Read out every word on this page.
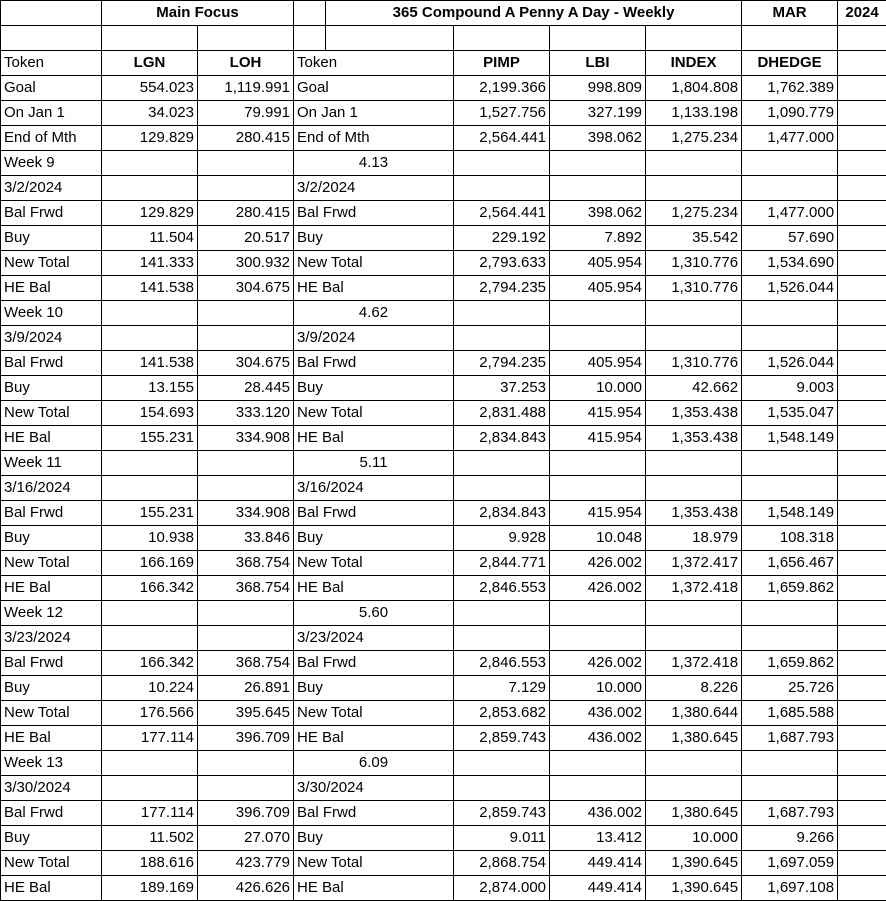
	Main Focus			365 Compound A Penny A Day - Weekly				MAR	2024

Token	LGN	LOH	Token		PIMP	LBI	INDEX	DHEDGE	
Goal	554.023	1,119.991	Goal		2,199.366	998.809	1,804.808	1,762.389	
On Jan 1	34.023	79.991	On Jan 1		1,527.756	327.199	1,133.198	1,090.779	
End of Mth	129.829	280.415	End of Mth		2,564.441	398.062	1,275.234	1,477.000	
Week 9			4.13						
3/2/2024			3/2/2024						
Bal Frwd	129.829	280.415	Bal Frwd		2,564.441	398.062	1,275.234	1,477.000	
Buy	11.504	20.517	Buy		229.192	7.892	35.542	57.690	
New Total	141.333	300.932	New Total		2,793.633	405.954	1,310.776	1,534.690	
HE Bal	141.538	304.675	HE Bal		2,794.235	405.954	1,310.776	1,526.044	
Week 10			4.62						
3/9/2024			3/9/2024						
Bal Frwd	141.538	304.675	Bal Frwd		2,794.235	405.954	1,310.776	1,526.044	
Buy	13.155	28.445	Buy		37.253	10.000	42.662	9.003	
New Total	154.693	333.120	New Total		2,831.488	415.954	1,353.438	1,535.047	
HE Bal	155.231	334.908	HE Bal		2,834.843	415.954	1,353.438	1,548.149	
Week 11			5.11						
3/16/2024			3/16/2024						
Bal Frwd	155.231	334.908	Bal Frwd		2,834.843	415.954	1,353.438	1,548.149	
Buy	10.938	33.846	Buy		9.928	10.048	18.979	108.318	
New Total	166.169	368.754	New Total		2,844.771	426.002	1,372.417	1,656.467	
HE Bal	166.342	368.754	HE Bal		2,846.553	426.002	1,372.418	1,659.862	
Week 12			5.60						
3/23/2024			3/23/2024						
Bal Frwd	166.342	368.754	Bal Frwd		2,846.553	426.002	1,372.418	1,659.862	
Buy	10.224	26.891	Buy		7.129	10.000	8.226	25.726	
New Total	176.566	395.645	New Total		2,853.682	436.002	1,380.644	1,685.588	
HE Bal	177.114	396.709	HE Bal		2,859.743	436.002	1,380.645	1,687.793	
Week 13			6.09						
3/30/2024			3/30/2024						
Bal Frwd	177.114	396.709	Bal Frwd		2,859.743	436.002	1,380.645	1,687.793	
Buy	11.502	27.070	Buy		9.011	13.412	10.000	9.266	
New Total	188.616	423.779	New Total		2,868.754	449.414	1,390.645	1,697.059	
HE Bal	189.169	426.626	HE Bal		2,874.000	449.414	1,390.645	1,697.108	
